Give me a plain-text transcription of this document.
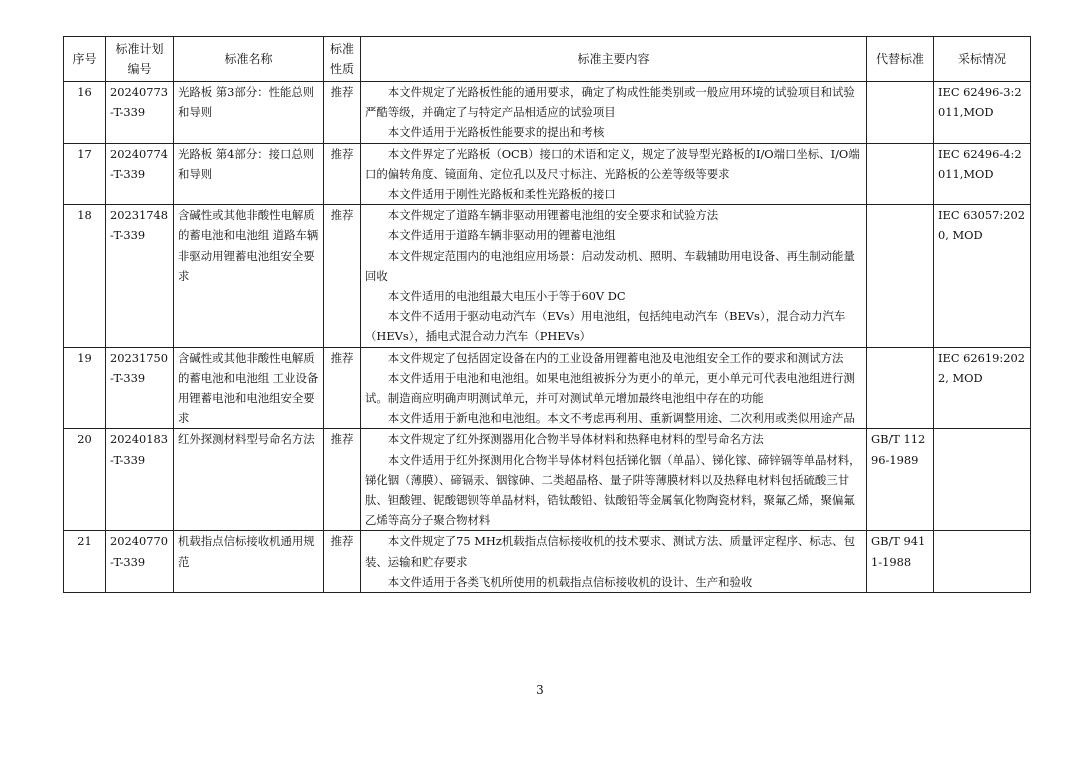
序号	标准计划编号	标准名称	标准性质	标准主要内容	代替标准	采标情况
16	20240773-T-339	光路板 第3部分：性能总则和导则	推荐	本文件规定了光路板性能的通用要求，确定了构成性能类别或一般应用环境的试验项目和试验严酷等级，并确定了与特定产品相适应的试验项目

本文件适用于光路板性能要求的提出和考核		IEC 62496-3:2011,MOD
17	20240774-T-339	光路板 第4部分：接口总则和导则	推荐	本文件界定了光路板（OCB）接口的术语和定义，规定了波导型光路板的I/O端口坐标、I/O端口的偏转角度、镜面角、定位孔以及尺寸标注、光路板的公差等级等要求

本文件适用于刚性光路板和柔性光路板的接口		IEC 62496-4:2011,MOD
18	20231748-T-339	含碱性或其他非酸性电解质的蓄电池和电池组 道路车辆非驱动用锂蓄电池组安全要求	推荐	本文件规定了道路车辆非驱动用锂蓄电池组的安全要求和试验方法

本文件适用于道路车辆非驱动用的锂蓄电池组

本文件规定范围内的电池组应用场景：启动发动机、照明、车载辅助用电设备、再生制动能量回收

本文件适用的电池组最大电压小于等于60V DC

本文件不适用于驱动电动汽车（EVs）用电池组，包括纯电动汽车（BEVs），混合动力汽车（HEVs），插电式混合动力汽车（PHEVs）		IEC 63057:2020, MOD
19	20231750-T-339	含碱性或其他非酸性电解质的蓄电池和电池组 工业设备用锂蓄电池和电池组安全要求	推荐	本文件规定了包括固定设备在内的工业设备用锂蓄电池及电池组安全工作的要求和测试方法

本文件适用于电池和电池组。如果电池组被拆分为更小的单元，更小单元可代表电池组进行测试。制造商应明确声明测试单元，并可对测试单元增加最终电池组中存在的功能

本文件适用于新电池和电池组。本文不考虑再利用、重新调整用途、二次利用或类似用途产品		IEC 62619:2022, MOD
20	20240183-T-339	红外探测材料型号命名方法	推荐	本文件规定了红外探测器用化合物半导体材料和热释电材料的型号命名方法

本文件适用于红外探测用化合物半导体材料包括锑化铟（单晶）、锑化镓、碲锌镉等单晶材料，锑化铟（薄膜）、碲镉汞、铟镓砷、二类超晶格、量子阱等薄膜材料以及热释电材料包括硫酸三甘肽、钽酸锂、铌酸锶钡等单晶材料，锆钛酸铅、钛酸铅等金属氧化物陶瓷材料，聚氟乙烯，聚偏氟乙烯等高分子聚合物材料	GB/T 11296-1989	
21	20240770-T-339	机载指点信标接收机通用规范	推荐	本文件规定了75 MHz机载指点信标接收机的技术要求、测试方法、质量评定程序、标志、包装、运输和贮存要求

本文件适用于各类飞机所使用的机载指点信标接收机的设计、生产和验收	GB/T 9411-1988	
3
